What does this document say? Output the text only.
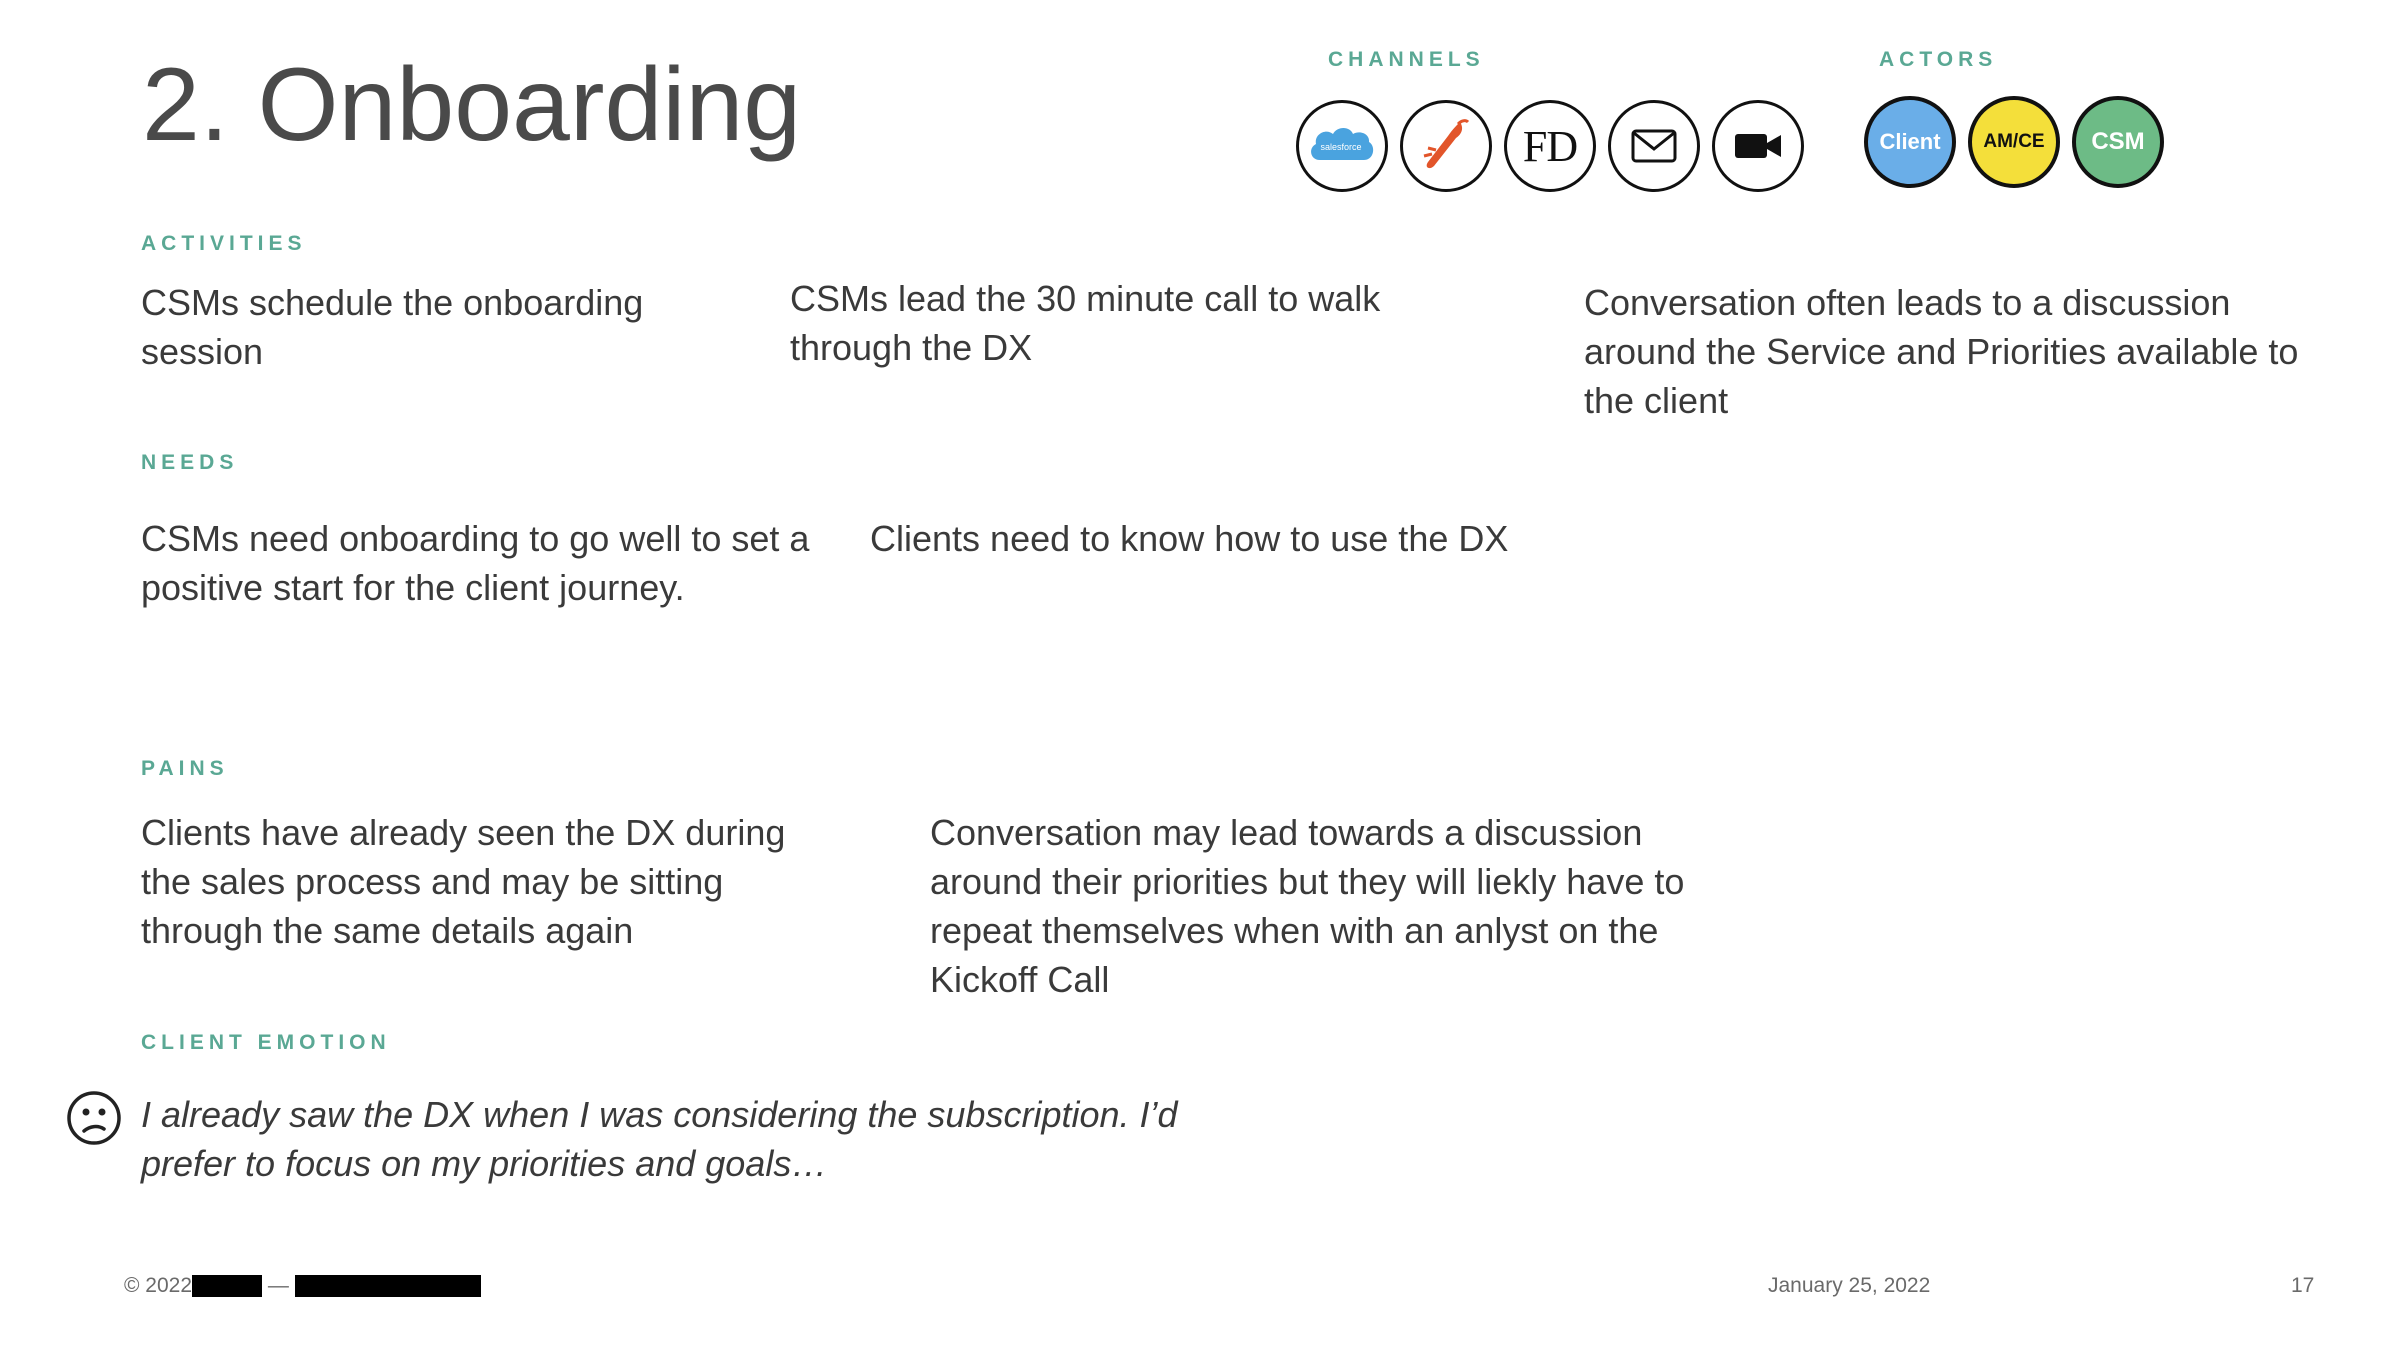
2. Onboarding	CHANNELS
salesforce	FD
ACTORS
Client	AM/CE	CSM
ACTIVITIES
CSMs schedule the onboarding session
CSMs lead the 30 minute call to walk through the DX
Conversation often leads to a discussion around the Service and Priorities available to the client
NEEDS
CSMs need onboarding to go well to set a positive start for the client journey.
Clients need to know how to use the DX
PAINS
Clients have already seen the DX during the sales process and may be sitting through the same details again
Conversation may lead towards a discussion around their priorities but they will liekly have to repeat themselves when with an anlyst on the Kickoff Call
CLIENT EMOTION
I already saw the DX when I was considering the subscription. I’d prefer to focus on my priorities and goals…
© 2022	—	January 25, 2022	17
